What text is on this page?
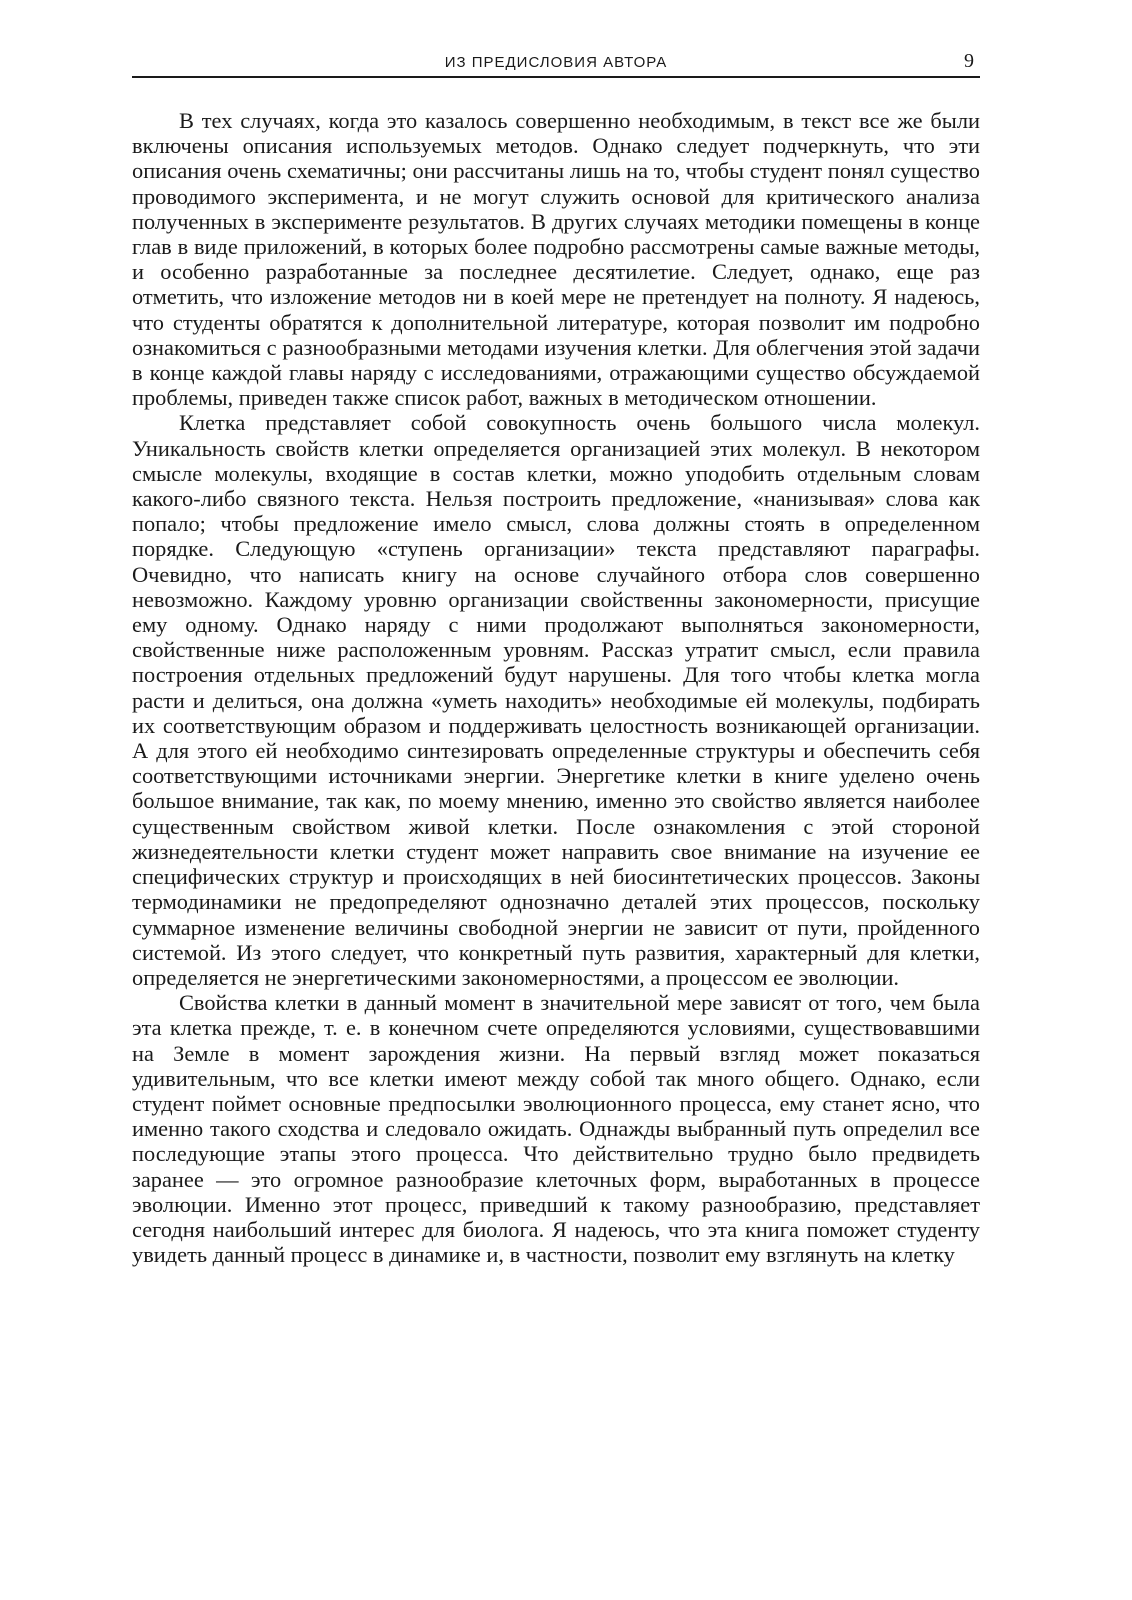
ИЗ ПРЕДИСЛОВИЯ АВТОРА	9

В тех случаях, когда это казалось совершенно необходимым, в текст все же были включены описания используемых методов. Однако следует подчеркнуть, что эти описания очень схематичны; они рассчитаны лишь на то, чтобы студент понял существо проводимого эксперимента, и не могут служить основой для критического анализа полученных в эксперименте результатов. В других случаях методики помещены в конце глав в виде приложений, в которых более подробно рассмотрены самые важные методы, и особенно разработанные за последнее десятилетие. Следует, однако, еще раз отметить, что изложение методов ни в коей мере не претендует на полноту. Я надеюсь, что студенты обратятся к дополнительной литературе, которая позволит им подробно ознакомиться с разнообразными методами изучения клетки. Для облегчения этой задачи в конце каждой главы наряду с исследованиями, отражающими существо обсуждаемой проблемы, приведен также список работ, важных в методическом отношении.

Клетка представляет собой совокупность очень большого числа молекул. Уникальность свойств клетки определяется организацией этих молекул. В некотором смысле молекулы, входящие в состав клетки, можно уподобить отдельным словам какого-либо связного текста. Нельзя построить предложение, «нанизывая» слова как попало; чтобы предложение имело смысл, слова должны стоять в определенном порядке. Следующую «ступень организации» текста представляют параграфы. Очевидно, что написать книгу на основе случайного отбора слов совершенно невозможно. Каждому уровню организации свойственны закономерности, присущие ему одному. Однако наряду с ними продолжают выполняться закономерности, свойственные ниже расположенным уровням. Рассказ утратит смысл, если правила построения отдельных предложений будут нарушены. Для того чтобы клетка могла расти и делиться, она должна «уметь находить» необходимые ей молекулы, подбирать их соответствующим образом и поддерживать целостность возникающей организации. А для этого ей необходимо синтезировать определенные структуры и обеспечить себя соответствующими источниками энергии. Энергетике клетки в книге уделено очень большое внимание, так как, по моему мнению, именно это свойство является наиболее существенным свойством живой клетки. После ознакомления с этой стороной жизнедеятельности клетки студент может направить свое внимание на изучение ее специфических структур и происходящих в ней биосинтетических процессов. Законы термодинамики не предопределяют однозначно деталей этих процессов, поскольку суммарное изменение величины свободной энергии не зависит от пути, пройденного системой. Из этого следует, что конкретный путь развития, характерный для клетки, определяется не энергетическими закономерностями, а процессом ее эволюции.

Свойства клетки в данный момент в значительной мере зависят от того, чем была эта клетка прежде, т. е. в конечном счете определяются условиями, существовавшими на Земле в момент зарождения жизни. На первый взгляд может показаться удивительным, что все клетки имеют между собой так много общего. Однако, если студент поймет основные предпосылки эволюционного процесса, ему станет ясно, что именно такого сходства и следовало ожидать. Однажды выбранный путь определил все последующие этапы этого процесса. Что действительно трудно было предвидеть заранее — это огромное разнообразие клеточных форм, выработанных в процессе эволюции. Именно этот процесс, приведший к такому разнообразию, представляет сегодня наибольший интерес для биолога. Я надеюсь, что эта книга поможет студенту увидеть данный процесс в динамике и, в частности, позволит ему взглянуть на клетку
